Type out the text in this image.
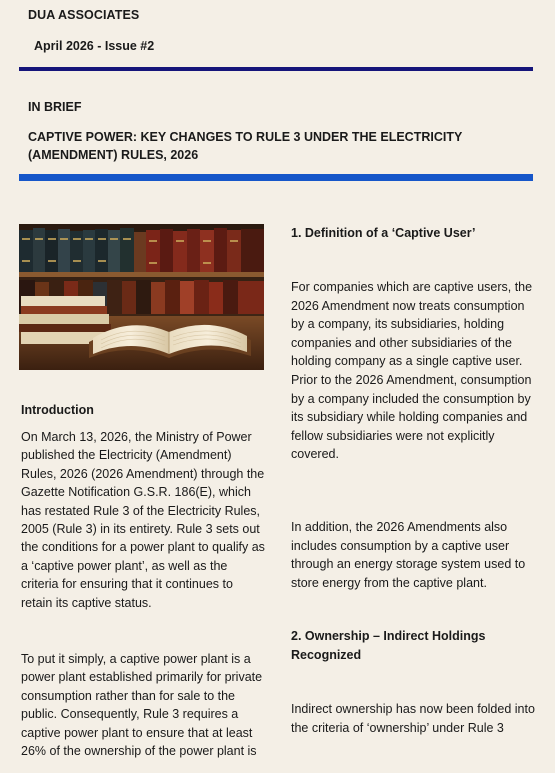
DUA ASSOCIATES
April 2026 - Issue #2
IN BRIEF
CAPTIVE POWER: KEY CHANGES TO RULE 3 UNDER THE ELECTRICITY (AMENDMENT) RULES, 2026
Introduction

On March 13, 2026, the Ministry of Power published the Electricity (Amendment) Rules, 2026 (2026 Amendment) through the Gazette Notification G.S.R. 186(E), which has restated Rule 3 of the Electricity Rules, 2005 (Rule 3) in its entirety. Rule 3 sets out the conditions for a power plant to qualify as a ‘captive power plant’, as well as the criteria for ensuring that it continues to retain its captive status.

To put it simply, a captive power plant is a power plant established primarily for private consumption rather than for sale to the public. Consequently, Rule 3 requires a captive power plant to ensure that at least 26% of the ownership of the power plant is

1. Definition of a ‘Captive User’

For companies which are captive users, the 2026 Amendment now treats consumption by a company, its subsidiaries, holding companies and other subsidiaries of the holding company as a single captive user. Prior to the 2026 Amendment, consumption by a company included the consumption by its subsidiary while holding companies and fellow subsidiaries were not explicitly covered.

In addition, the 2026 Amendments also includes consumption by a captive user through an energy storage system used to store energy from the captive plant.

2. Ownership – Indirect Holdings Recognized

Indirect ownership has now been folded into the criteria of ‘ownership’ under Rule 3
